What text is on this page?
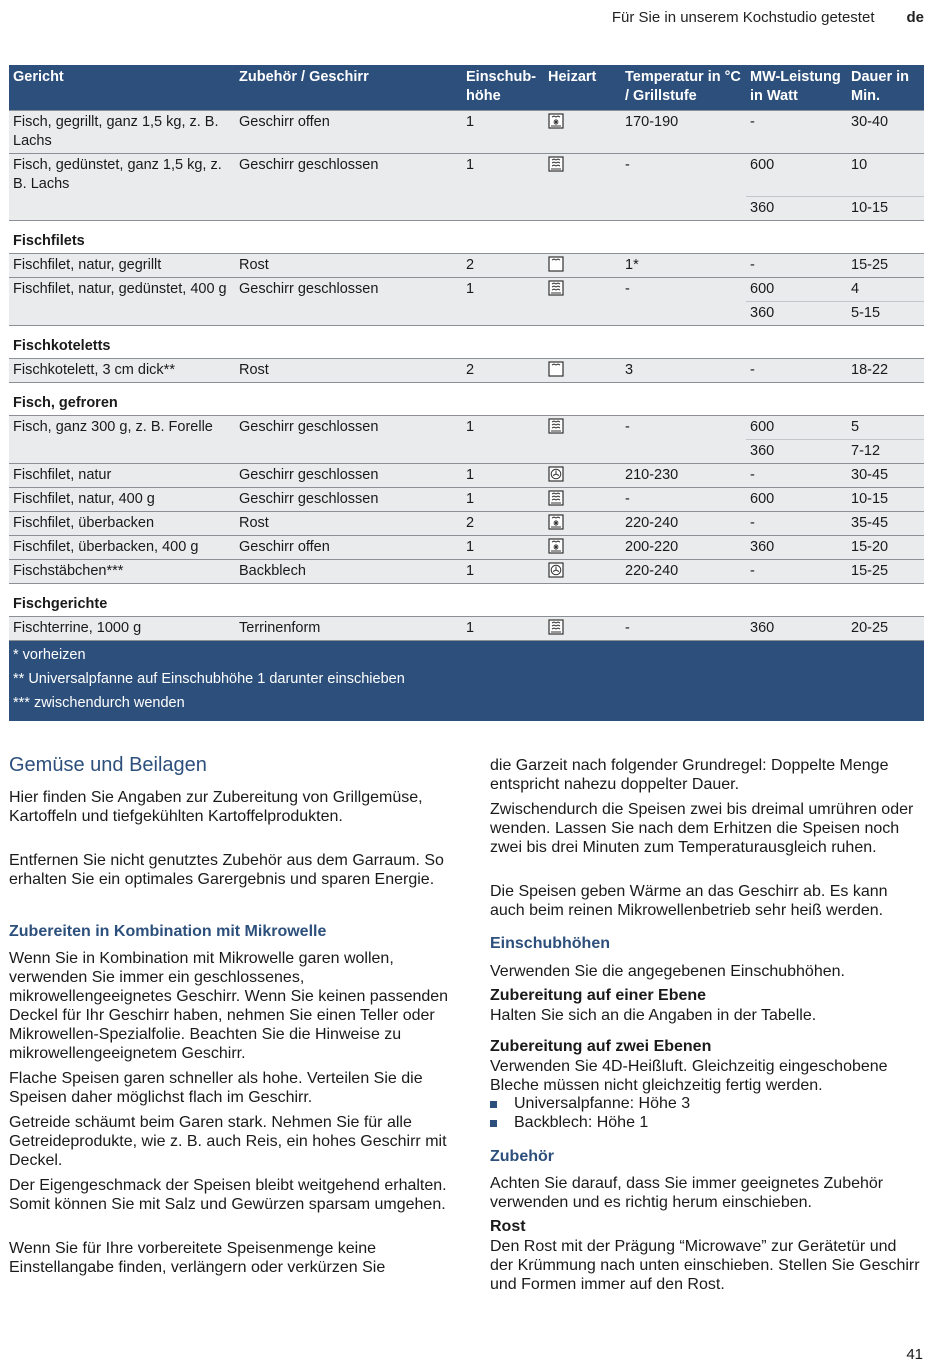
Für Sie in unserem Kochstudio getestet de
Gericht	Zubehör / Geschirr	Einschub-höhe	Heizart	Temperatur in °C / Grillstufe	MW-Leistung in Watt	Dauer in Min.
Fisch, gegrillt, ganz 1,5 kg, z. B. Lachs	Geschirr offen	1		170-190	-	30-40
Fisch, gedünstet, ganz 1,5 kg, z. B. Lachs	Geschirr geschlossen	1		-	600	10
					360	10-15
Fischfilets						
Fischfilet, natur, gegrillt	Rost	2		1*	-	15-25
Fischfilet, natur, gedünstet, 400 g	Geschirr geschlossen	1		-	600	4
					360	5-15
Fischkoteletts						
Fischkotelett, 3 cm dick**	Rost	2		3	-	18-22
Fisch, gefroren						
Fisch, ganz 300 g, z. B. Forelle	Geschirr geschlossen	1		-	600	5
					360	7-12
Fischfilet, natur	Geschirr geschlossen	1		210-230	-	30-45
Fischfilet, natur, 400 g	Geschirr geschlossen	1		-	600	10-15
Fischfilet, überbacken	Rost	2		220-240	-	35-45
Fischfilet, überbacken, 400 g	Geschirr offen	1		200-220	360	15-20
Fischstäbchen***	Backblech	1		220-240	-	15-25
Fischgerichte						
Fischterrine, 1000 g	Terrinenform	1		-	360	20-25

* vorheizen
** Universalpfanne auf Einschubhöhe 1 darunter einschieben
*** zwischendurch wenden						
Gemüse und Beilagen

Hier finden Sie Angaben zur Zubereitung von Grillgemüse, Kartoffeln und tiefgekühlten Kartoffelprodukten.

Entfernen Sie nicht genutztes Zubehör aus dem Garraum. So erhalten Sie ein optimales Garergebnis und sparen Energie.

Zubereiten in Kombination mit Mikrowelle

Wenn Sie in Kombination mit Mikrowelle garen wollen, verwenden Sie immer ein geschlossenes, mikrowellengeeignetes Geschirr. Wenn Sie keinen passenden Deckel für Ihr Geschirr haben, nehmen Sie einen Teller oder Mikrowellen-Spezialfolie. Beachten Sie die Hinweise zu mikrowellengeeignetem Geschirr.

Flache Speisen garen schneller als hohe. Verteilen Sie die Speisen daher möglichst flach im Geschirr.

Getreide schäumt beim Garen stark. Nehmen Sie für alle Getreideprodukte, wie z. B. auch Reis, ein hohes Geschirr mit Deckel.

Der Eigengeschmack der Speisen bleibt weitgehend erhalten. Somit können Sie mit Salz und Gewürzen sparsam umgehen.

Wenn Sie für Ihre vorbereitete Speisenmenge keine Einstellangabe finden, verlängern oder verkürzen Sie

die Garzeit nach folgender Grundregel: Doppelte Menge entspricht nahezu doppelter Dauer.

Zwischendurch die Speisen zwei bis dreimal umrühren oder wenden. Lassen Sie nach dem Erhitzen die Speisen noch zwei bis drei Minuten zum Temperaturausgleich ruhen.

Die Speisen geben Wärme an das Geschirr ab. Es kann auch beim reinen Mikrowellenbetrieb sehr heiß werden.

Einschubhöhen

Verwenden Sie die angegebenen Einschubhöhen.

Zubereitung auf einer Ebene

Halten Sie sich an die Angaben in der Tabelle.

Zubereitung auf zwei Ebenen

Verwenden Sie 4D-Heißluft. Gleichzeitig eingeschobene Bleche müssen nicht gleichzeitig fertig werden.

Universalpfanne: Höhe 3
Backblech: Höhe 1
Zubehör

Achten Sie darauf, dass Sie immer geeignetes Zubehör verwenden und es richtig herum einschieben.

Rost

Den Rost mit der Prägung “Microwave” zur Gerätetür und der Krümmung nach unten einschieben. Stellen Sie Geschirr und Formen immer auf den Rost.

41
